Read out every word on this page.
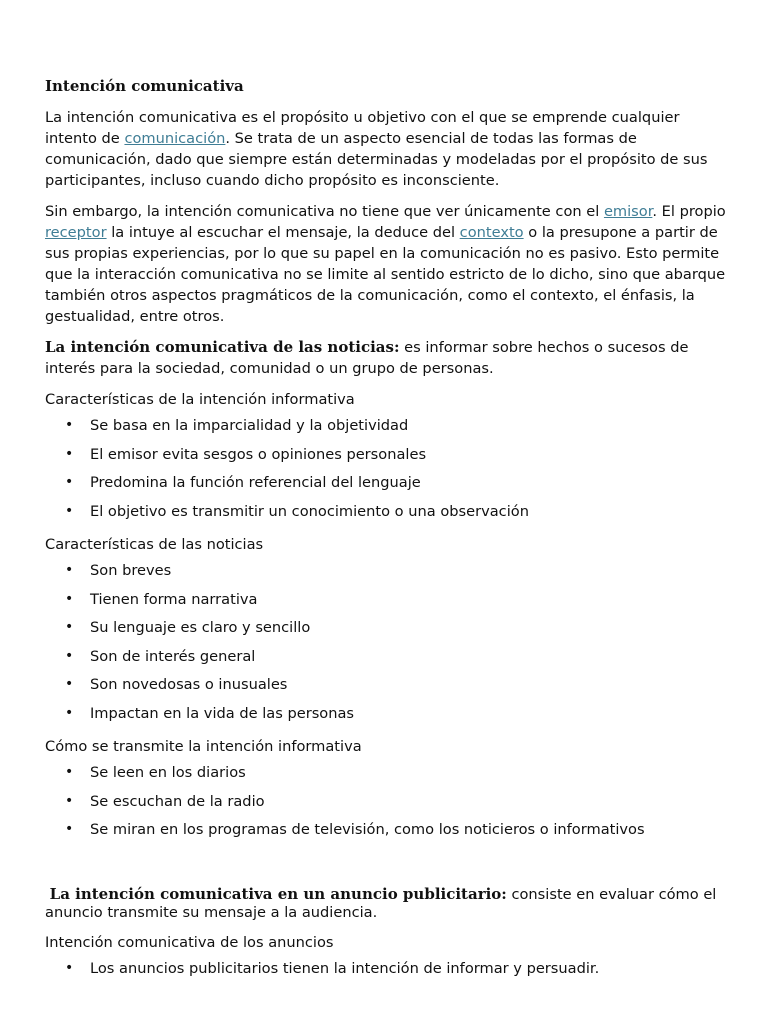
Intención comunicativa

La intención comunicativa es el propósito u objetivo con el que se emprende cualquier intento de comunicación. Se trata de un aspecto esencial de todas las formas de comunicación, dado que siempre están determinadas y modeladas por el propósito de sus participantes, incluso cuando dicho propósito es inconsciente.

Sin embargo, la intención comunicativa no tiene que ver únicamente con el emisor. El propio receptor la intuye al escuchar el mensaje, la deduce del contexto o la presupone a partir de sus propias experiencias, por lo que su papel en la comunicación no es pasivo. Esto permite que la interacción comunicativa no se limite al sentido estricto de lo dicho, sino que abarque también otros aspectos pragmáticos de la comunicación, como el contexto, el énfasis, la gestualidad, entre otros.

La intención comunicativa de las noticias: es informar sobre hechos o sucesos de interés para la sociedad, comunidad o un grupo de personas.

Características de la intención informativa
• Se basa en la imparcialidad y la objetividad
• El emisor evita sesgos o opiniones personales
• Predomina la función referencial del lenguaje
• El objetivo es transmitir un conocimiento o una observación
Características de las noticias
• Son breves
• Tienen forma narrativa
• Su lenguaje es claro y sencillo
• Son de interés general
• Son novedosas o inusuales
• Impactan en la vida de las personas
Cómo se transmite la intención informativa
• Se leen en los diarios
• Se escuchan de la radio
• Se miran en los programas de televisión, como los noticieros o informativos

La intención comunicativa en un anuncio publicitario: consiste en evaluar cómo el anuncio transmite su mensaje a la audiencia.

Intención comunicativa de los anuncios
• Los anuncios publicitarios tienen la intención de informar y persuadir.
